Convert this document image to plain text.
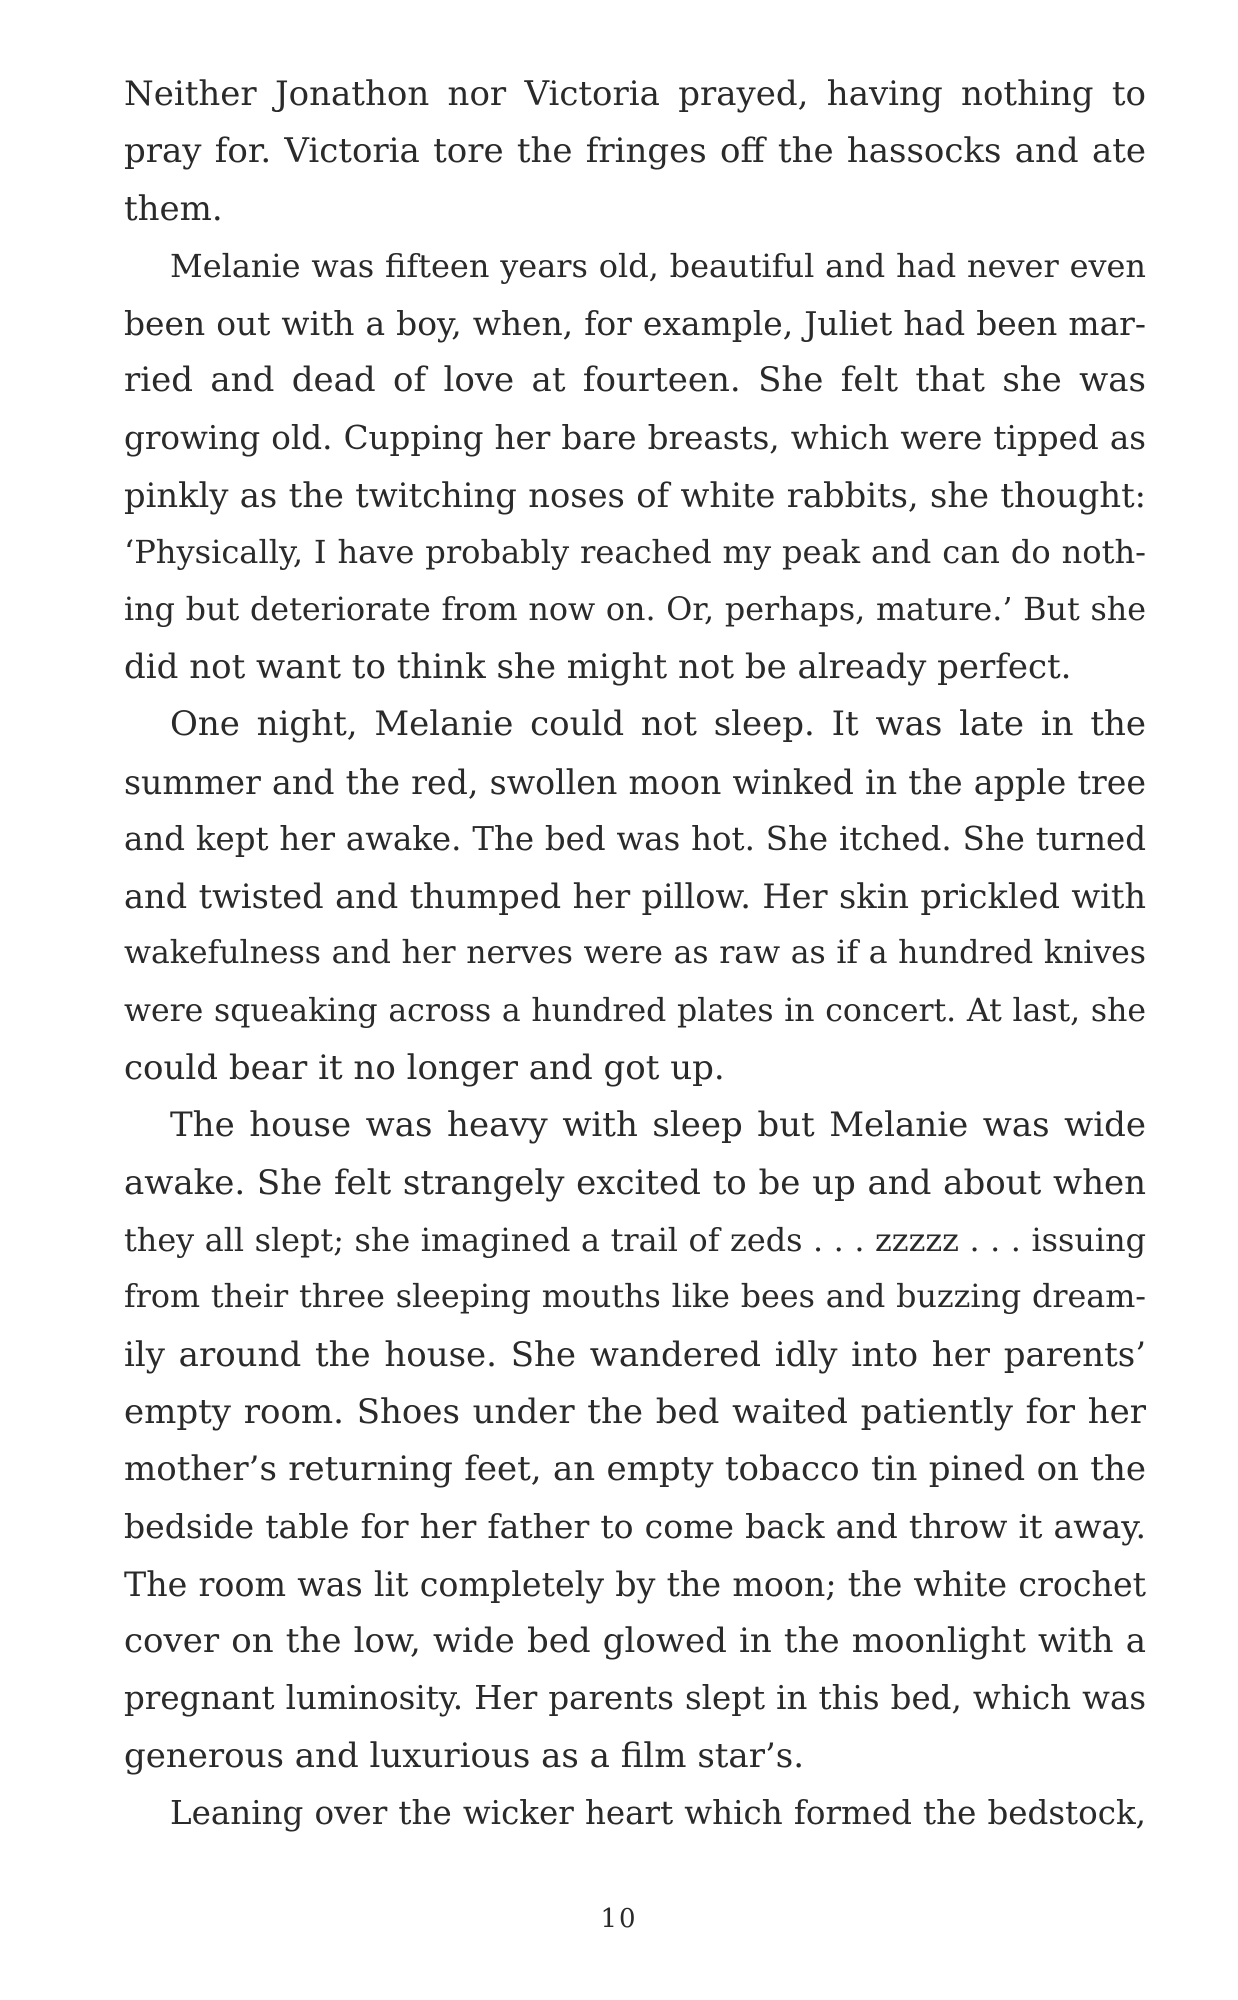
Neither Jonathon nor Victoria prayed, having nothing to
pray for. Victoria tore the fringes off the hassocks and ate
them.
Melanie was fifteen years old, beautiful and had never even
been out with a boy, when, for example, Juliet had been mar-
ried and dead of love at fourteen. She felt that she was
growing old. Cupping her bare breasts, which were tipped as
pinkly as the twitching noses of white rabbits, she thought:
‘Physically, I have probably reached my peak and can do noth-
ing but deteriorate from now on. Or, perhaps, mature.’ But she
did not want to think she might not be already perfect.
One night, Melanie could not sleep. It was late in the
summer and the red, swollen moon winked in the apple tree
and kept her awake. The bed was hot. She itched. She turned
and twisted and thumped her pillow. Her skin prickled with
wakefulness and her nerves were as raw as if a hundred knives
were squeaking across a hundred plates in concert. At last, she
could bear it no longer and got up.
The house was heavy with sleep but Melanie was wide
awake. She felt strangely excited to be up and about when
they all slept; she imagined a trail of zeds . . . zzzzz . . . issuing
from their three sleeping mouths like bees and buzzing dream-
ily around the house. She wandered idly into her parents’
empty room. Shoes under the bed waited patiently for her
mother’s returning feet, an empty tobacco tin pined on the
bedside table for her father to come back and throw it away.
The room was lit completely by the moon; the white crochet
cover on the low, wide bed glowed in the moonlight with a
pregnant luminosity. Her parents slept in this bed, which was
generous and luxurious as a film star’s.
Leaning over the wicker heart which formed the bedstock,
10
